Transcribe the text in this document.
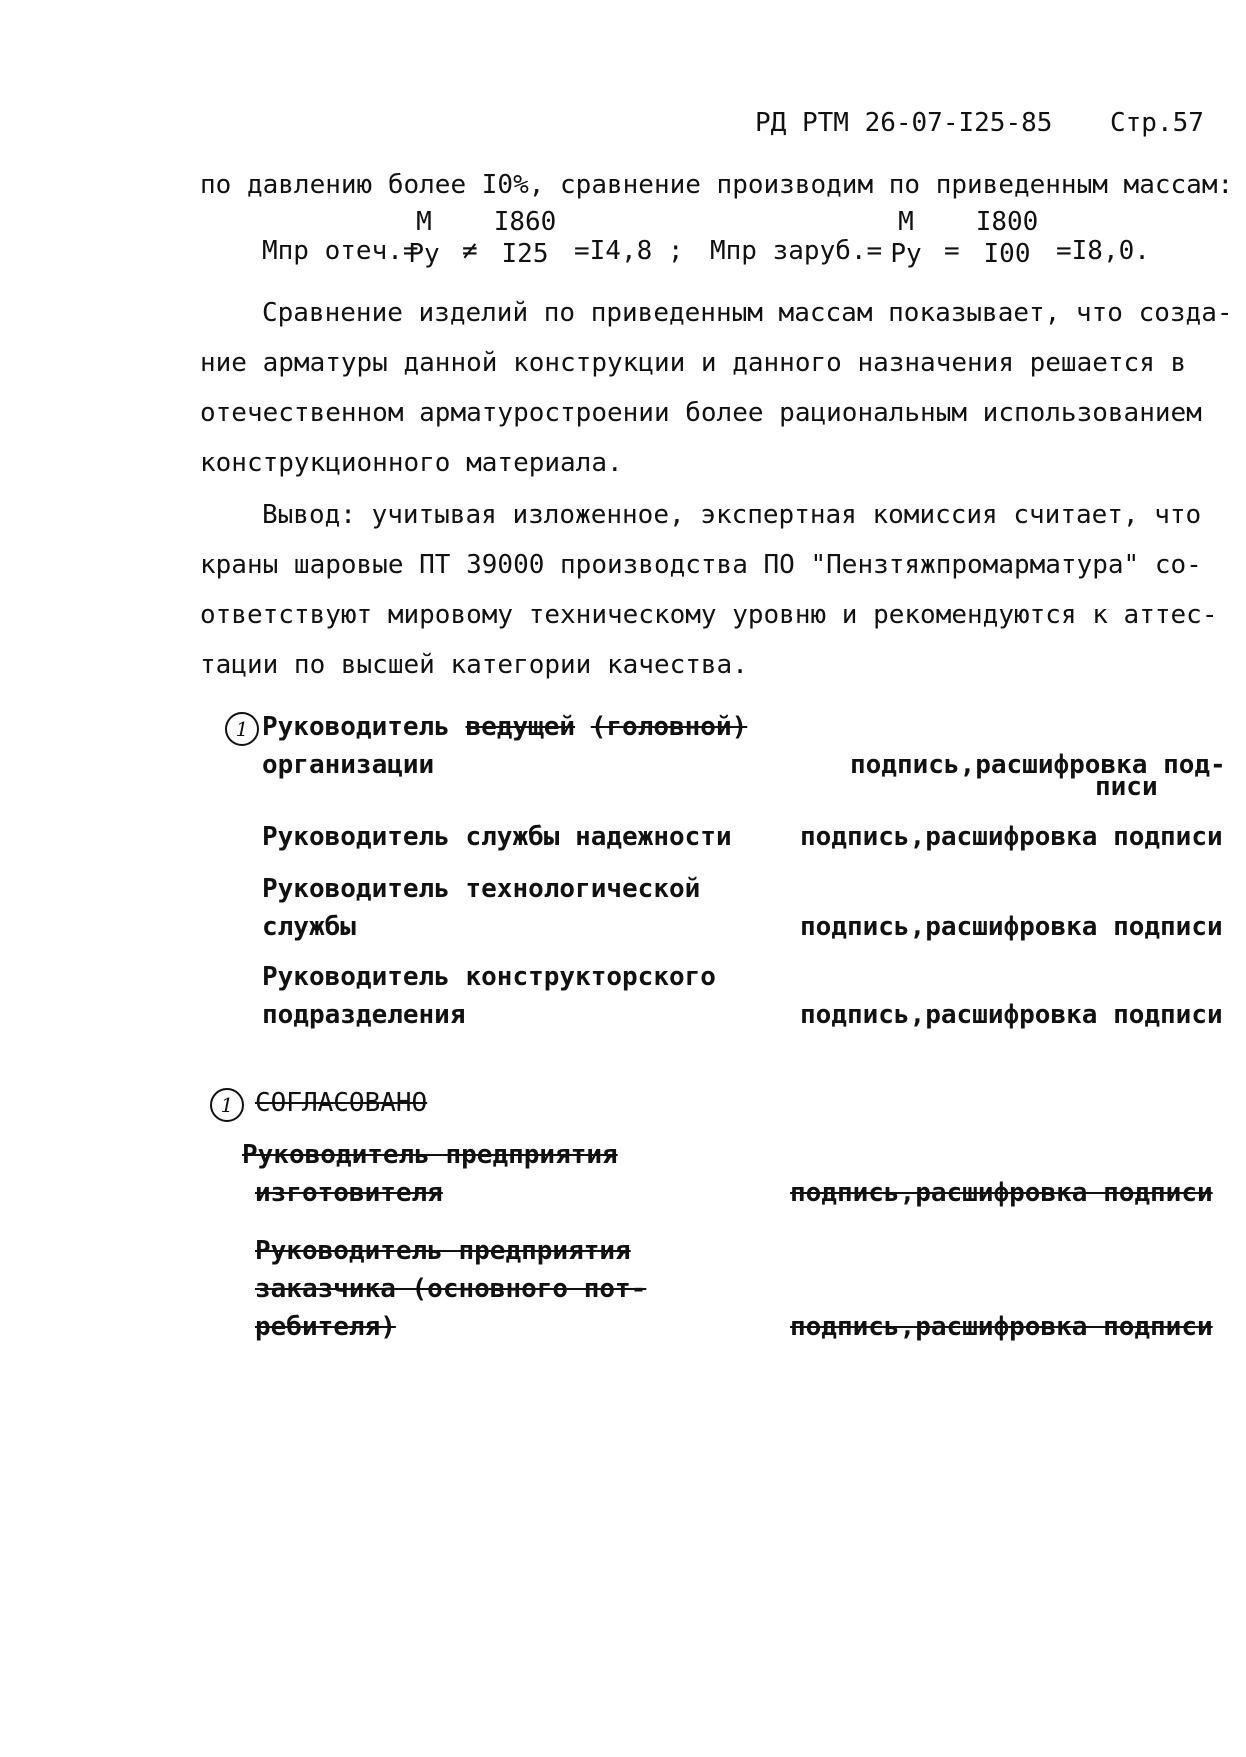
РД РТМ 26-07-I25-85 Стр.57
по давлению более I0%, сравнение производим по приведенным массам:
Мпр отеч.=
М
Ру ≠
I860
I25 =I4,8 ; Мпр заруб.=
М
Ру =
I800
I00 =I8,0.
Сравнение изделий по приведенным массам показывает, что созда-
ние арматуры данной конструкции и данного назначения решается в
отечественном арматуростроении более рациональным использованием
конструкционного материала.
Вывод: учитывая изложенное, экспертная комиссия считает, что
краны шаровые ПТ 39000 производства ПО "Пензтяжпромарматура" со-
ответствуют мировому техническому уровню и рекомендуются к аттес-
тации по высшей категории качества.
1 Руководитель ведущей (головной)
организации	подпись,расшифровка под-
писи
Руководитель службы надежности	подпись,расшифровка подписи
Руководитель технологической
службы	подпись,расшифровка подписи
Руководитель конструкторского
подразделения	подпись,расшифровка подписи
1 СОГЛАСОВАНО
Руководитель предприятия
изготовителя	подпись,расшифровка подписи
Руководитель предприятия
заказчика (основного пот-
ребителя)	подпись,расшифровка подписи
